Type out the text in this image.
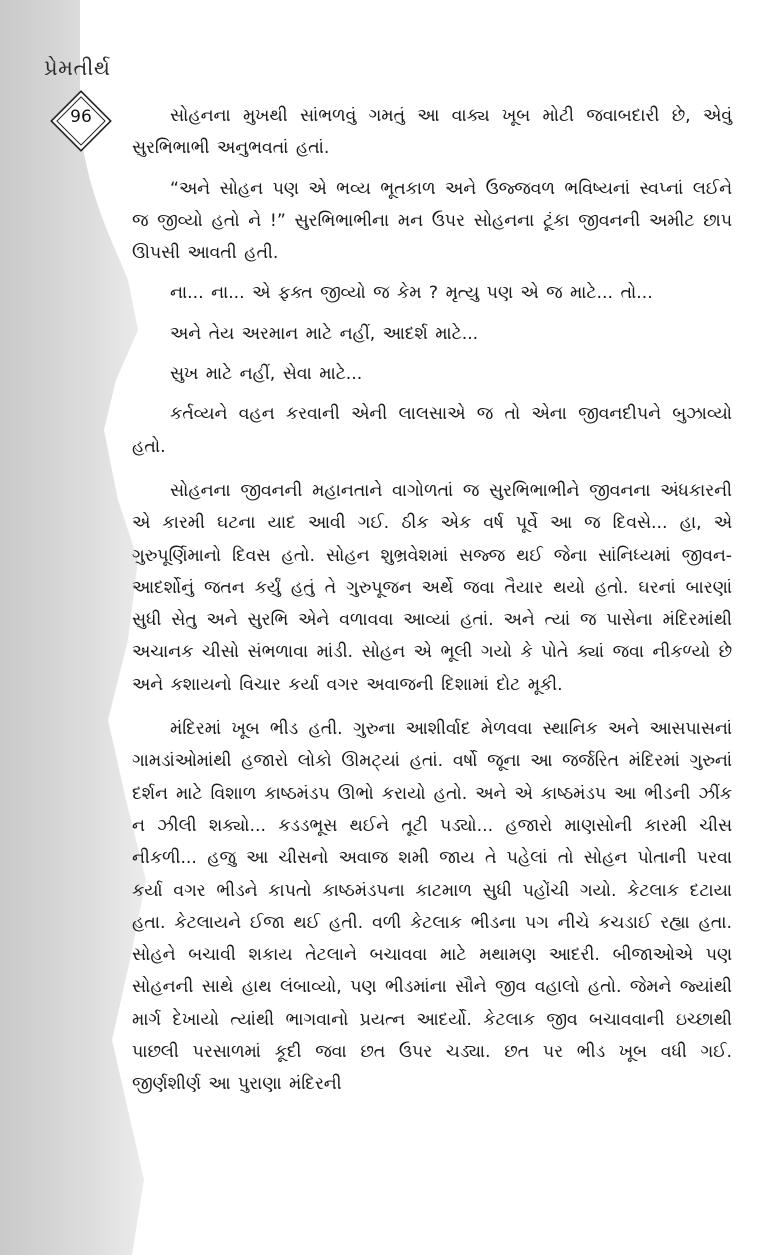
પ્રેમતીર્થ
96	સોહનના મુખથી સાંભળવું ગમતું આ વાક્ય ખૂબ મોટી જવાબદારી છે, એવું સુરભિભાભી અનુભવતાં હતાં.

“અને સોહન પણ એ ભવ્ય ભૂતકાળ અને ઉજ્જવળ ભવિષ્યનાં સ્વપ્નાં લઈને જ જીવ્યો હતો ને !” સુરભિભાભીના મન ઉપર સોહનના ટૂંકા જીવનની અમીટ છાપ ઊપસી આવતી હતી.

ના... ના... એ ફક્ત જીવ્યો જ કેમ ? મૃત્યુ પણ એ જ માટે... તો...

અને તેય અરમાન માટે નહીં, આદર્શ માટે...

સુખ માટે નહીં, સેવા માટે...

કર્તવ્યને વહન કરવાની એની લાલસાએ જ તો એના જીવનદીપને બુઝાવ્યો હતો.

સોહનના જીવનની મહાનતાને વાગોળતાં જ સુરભિભાભીને જીવનના અંધકારની એ કારમી ઘટના યાદ આવી ગઈ. ઠીક એક વર્ષ પૂર્વે આ જ દિવસે... હા, એ ગુરુપૂર્ણિમાનો દિવસ હતો. સોહન શુભ્રવેશમાં સજ્જ થઈ જેના સાંનિધ્યમાં જીવન-આદર્શોનું જતન કર્યું હતું તે ગુરુપૂજન અર્થે જવા તૈયાર થયો હતો. ઘરનાં બારણાં સુધી સેતુ અને સુરભિ એને વળાવવા આવ્યાં હતાં. અને ત્યાં જ પાસેના મંદિરમાંથી અચાનક ચીસો સંભળાવા માંડી. સોહન એ ભૂલી ગયો કે પોતે ક્યાં જવા નીકળ્યો છે અને કશાયનો વિચાર કર્યા વગર અવાજની દિશામાં દોટ મૂકી.

મંદિરમાં ખૂબ ભીડ હતી. ગુરુના આશીર્વાદ મેળવવા સ્થાનિક અને આસપાસનાં ગામડાંઓમાંથી હજારો લોકો ઊમટ્યાં હતાં. વર્ષો જૂના આ જર્જરિત મંદિરમાં ગુરુનાં દર્શન માટે વિશાળ કાષ્ઠમંડપ ઊભો કરાયો હતો. અને એ કાષ્ઠમંડપ આ ભીડની ઝીંક ન ઝીલી શક્યો... કડડભૂસ થઈને તૂટી પડ્યો... હજારો માણસોની કારમી ચીસ નીકળી... હજુ આ ચીસનો અવાજ શમી જાય તે પહેલાં તો સોહન પોતાની પરવા કર્યા વગર ભીડને કાપતો કાષ્ઠમંડપના કાટમાળ સુધી પહોંચી ગયો. કેટલાક દટાયા હતા. કેટલાયને ઈજા થઈ હતી. વળી કેટલાક ભીડના પગ નીચે કચડાઈ રહ્યા હતા. સોહને બચાવી શકાય તેટલાને બચાવવા માટે મથામણ આદરી. બીજાઓએ પણ સોહનની સાથે હાથ લંબાવ્યો, પણ ભીડમાંના સૌને જીવ વહાલો હતો. જેમને જ્યાંથી માર્ગ દેખાયો ત્યાંથી ભાગવાનો પ્રયત્ન આદર્યો. કેટલાક જીવ બચાવવાની ઇચ્છાથી પાછલી પરસાળમાં કૂદી જવા છત ઉપર ચડ્યા. છત પર ભીડ ખૂબ વધી ગઈ. જીર્ણશીર્ણ આ પુરાણા મંદિરની
